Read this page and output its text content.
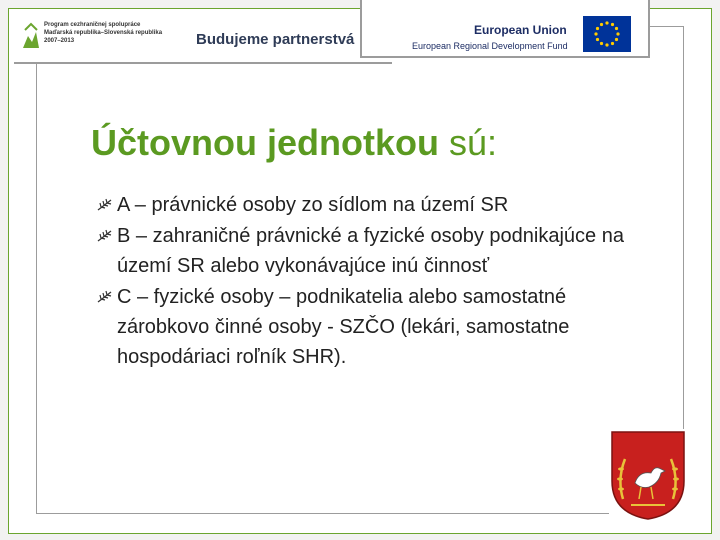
Program cezhraničnej spolupráce
Maďarská republika–Slovenská republika
2007–2013	Budujeme partnerstvá
European Union
European Regional Development Fund
Účtovnou jednotkou sú:
A – právnické osoby zo sídlom na území SR
B – zahraničné právnické a fyzické osoby podnikajúce na území SR alebo vykonávajúce inú činnosť
C – fyzické osoby – podnikatelia alebo samostatné zárobkovo činné osoby - SZČO (lekári, samostatne hospodáriaci roľník SHR).
